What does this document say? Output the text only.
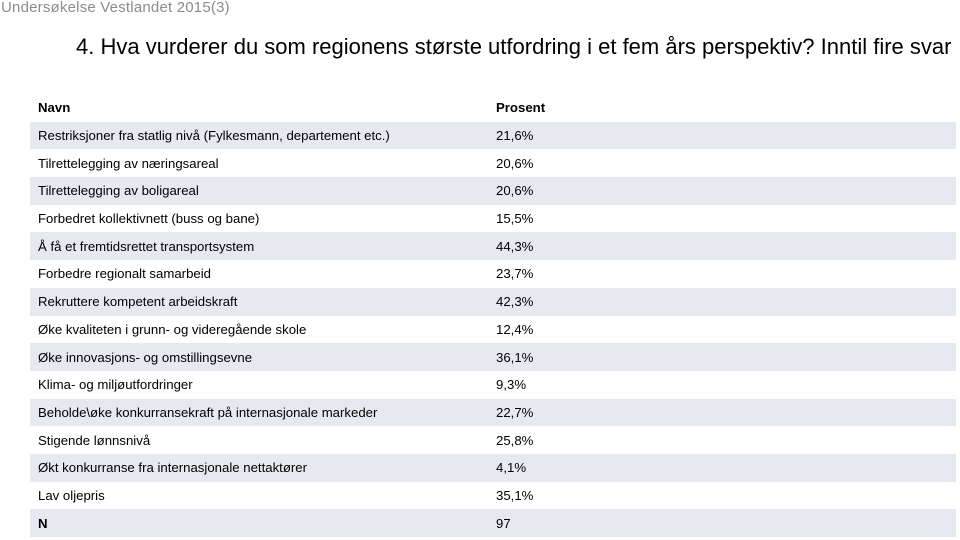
Undersøkelse Vestlandet 2015(3)
4. Hva vurderer du som regionens største utfordring i et fem års perspektiv? Inntil fire svar
Navn	Prosent
Restriksjoner fra statlig nivå (Fylkesmann, departement etc.)	21,6%
Tilrettelegging av næringsareal	20,6%
Tilrettelegging av boligareal	20,6%
Forbedret kollektivnett (buss og bane)	15,5%
Å få et fremtidsrettet transportsystem	44,3%
Forbedre regionalt samarbeid	23,7%
Rekruttere kompetent arbeidskraft	42,3%
Øke kvaliteten i grunn- og videregående skole	12,4%
Øke innovasjons- og omstillingsevne	36,1%
Klima- og miljøutfordringer	9,3%
Beholde\øke konkurransekraft på internasjonale markeder	22,7%
Stigende lønnsnivå	25,8%
Økt konkurranse fra internasjonale nettaktører	4,1%
Lav oljepris	35,1%
N	97
